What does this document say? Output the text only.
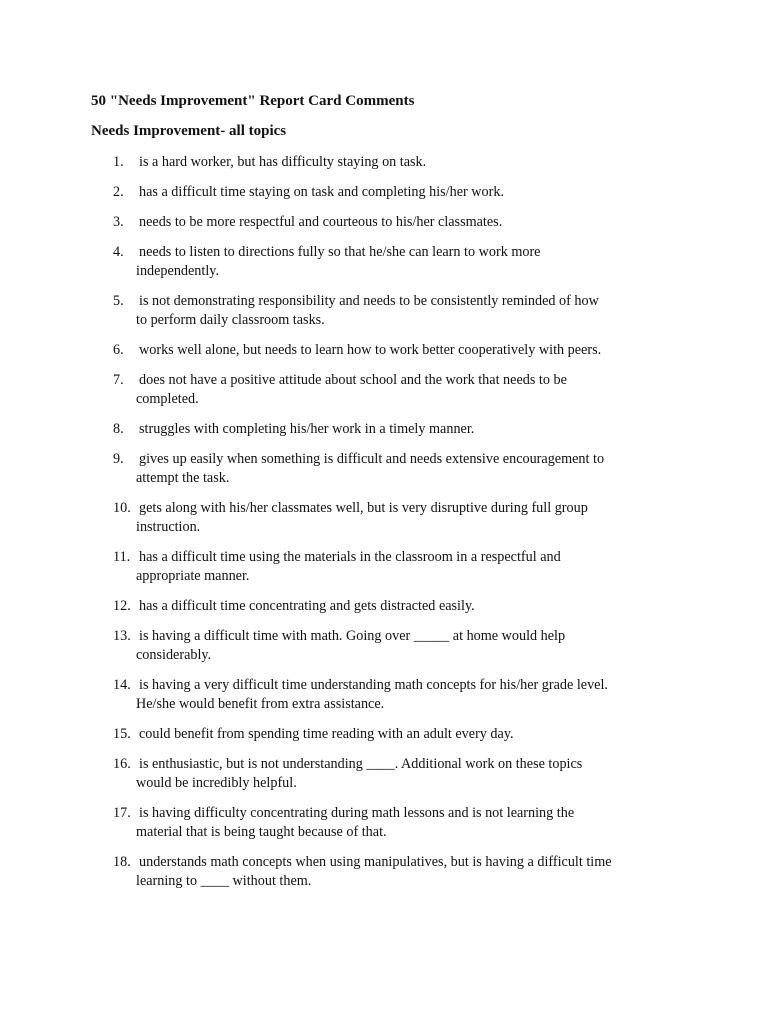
50 "Needs Improvement" Report Card Comments
Needs Improvement- all topics
1. is a hard worker, but has difficulty staying on task.
2. has a difficult time staying on task and completing his/her work.
3. needs to be more respectful and courteous to his/her classmates.
4. needs to listen to directions fully so that he/she can learn to work more
independently.
5. is not demonstrating responsibility and needs to be consistently reminded of how
to perform daily classroom tasks.
6. works well alone, but needs to learn how to work better cooperatively with peers.
7. does not have a positive attitude about school and the work that needs to be
completed.
8. struggles with completing his/her work in a timely manner.
9. gives up easily when something is difficult and needs extensive encouragement to
attempt the task.
10. gets along with his/her classmates well, but is very disruptive during full group
instruction.
11. has a difficult time using the materials in the classroom in a respectful and
appropriate manner.
12. has a difficult time concentrating and gets distracted easily.
13. is having a difficult time with math. Going over _____ at home would help
considerably.
14. is having a very difficult time understanding math concepts for his/her grade level.
He/she would benefit from extra assistance.
15. could benefit from spending time reading with an adult every day.
16. is enthusiastic, but is not understanding ____. Additional work on these topics
would be incredibly helpful.
17. is having difficulty concentrating during math lessons and is not learning the
material that is being taught because of that.
18. understands math concepts when using manipulatives, but is having a difficult time
learning to ____ without them.
